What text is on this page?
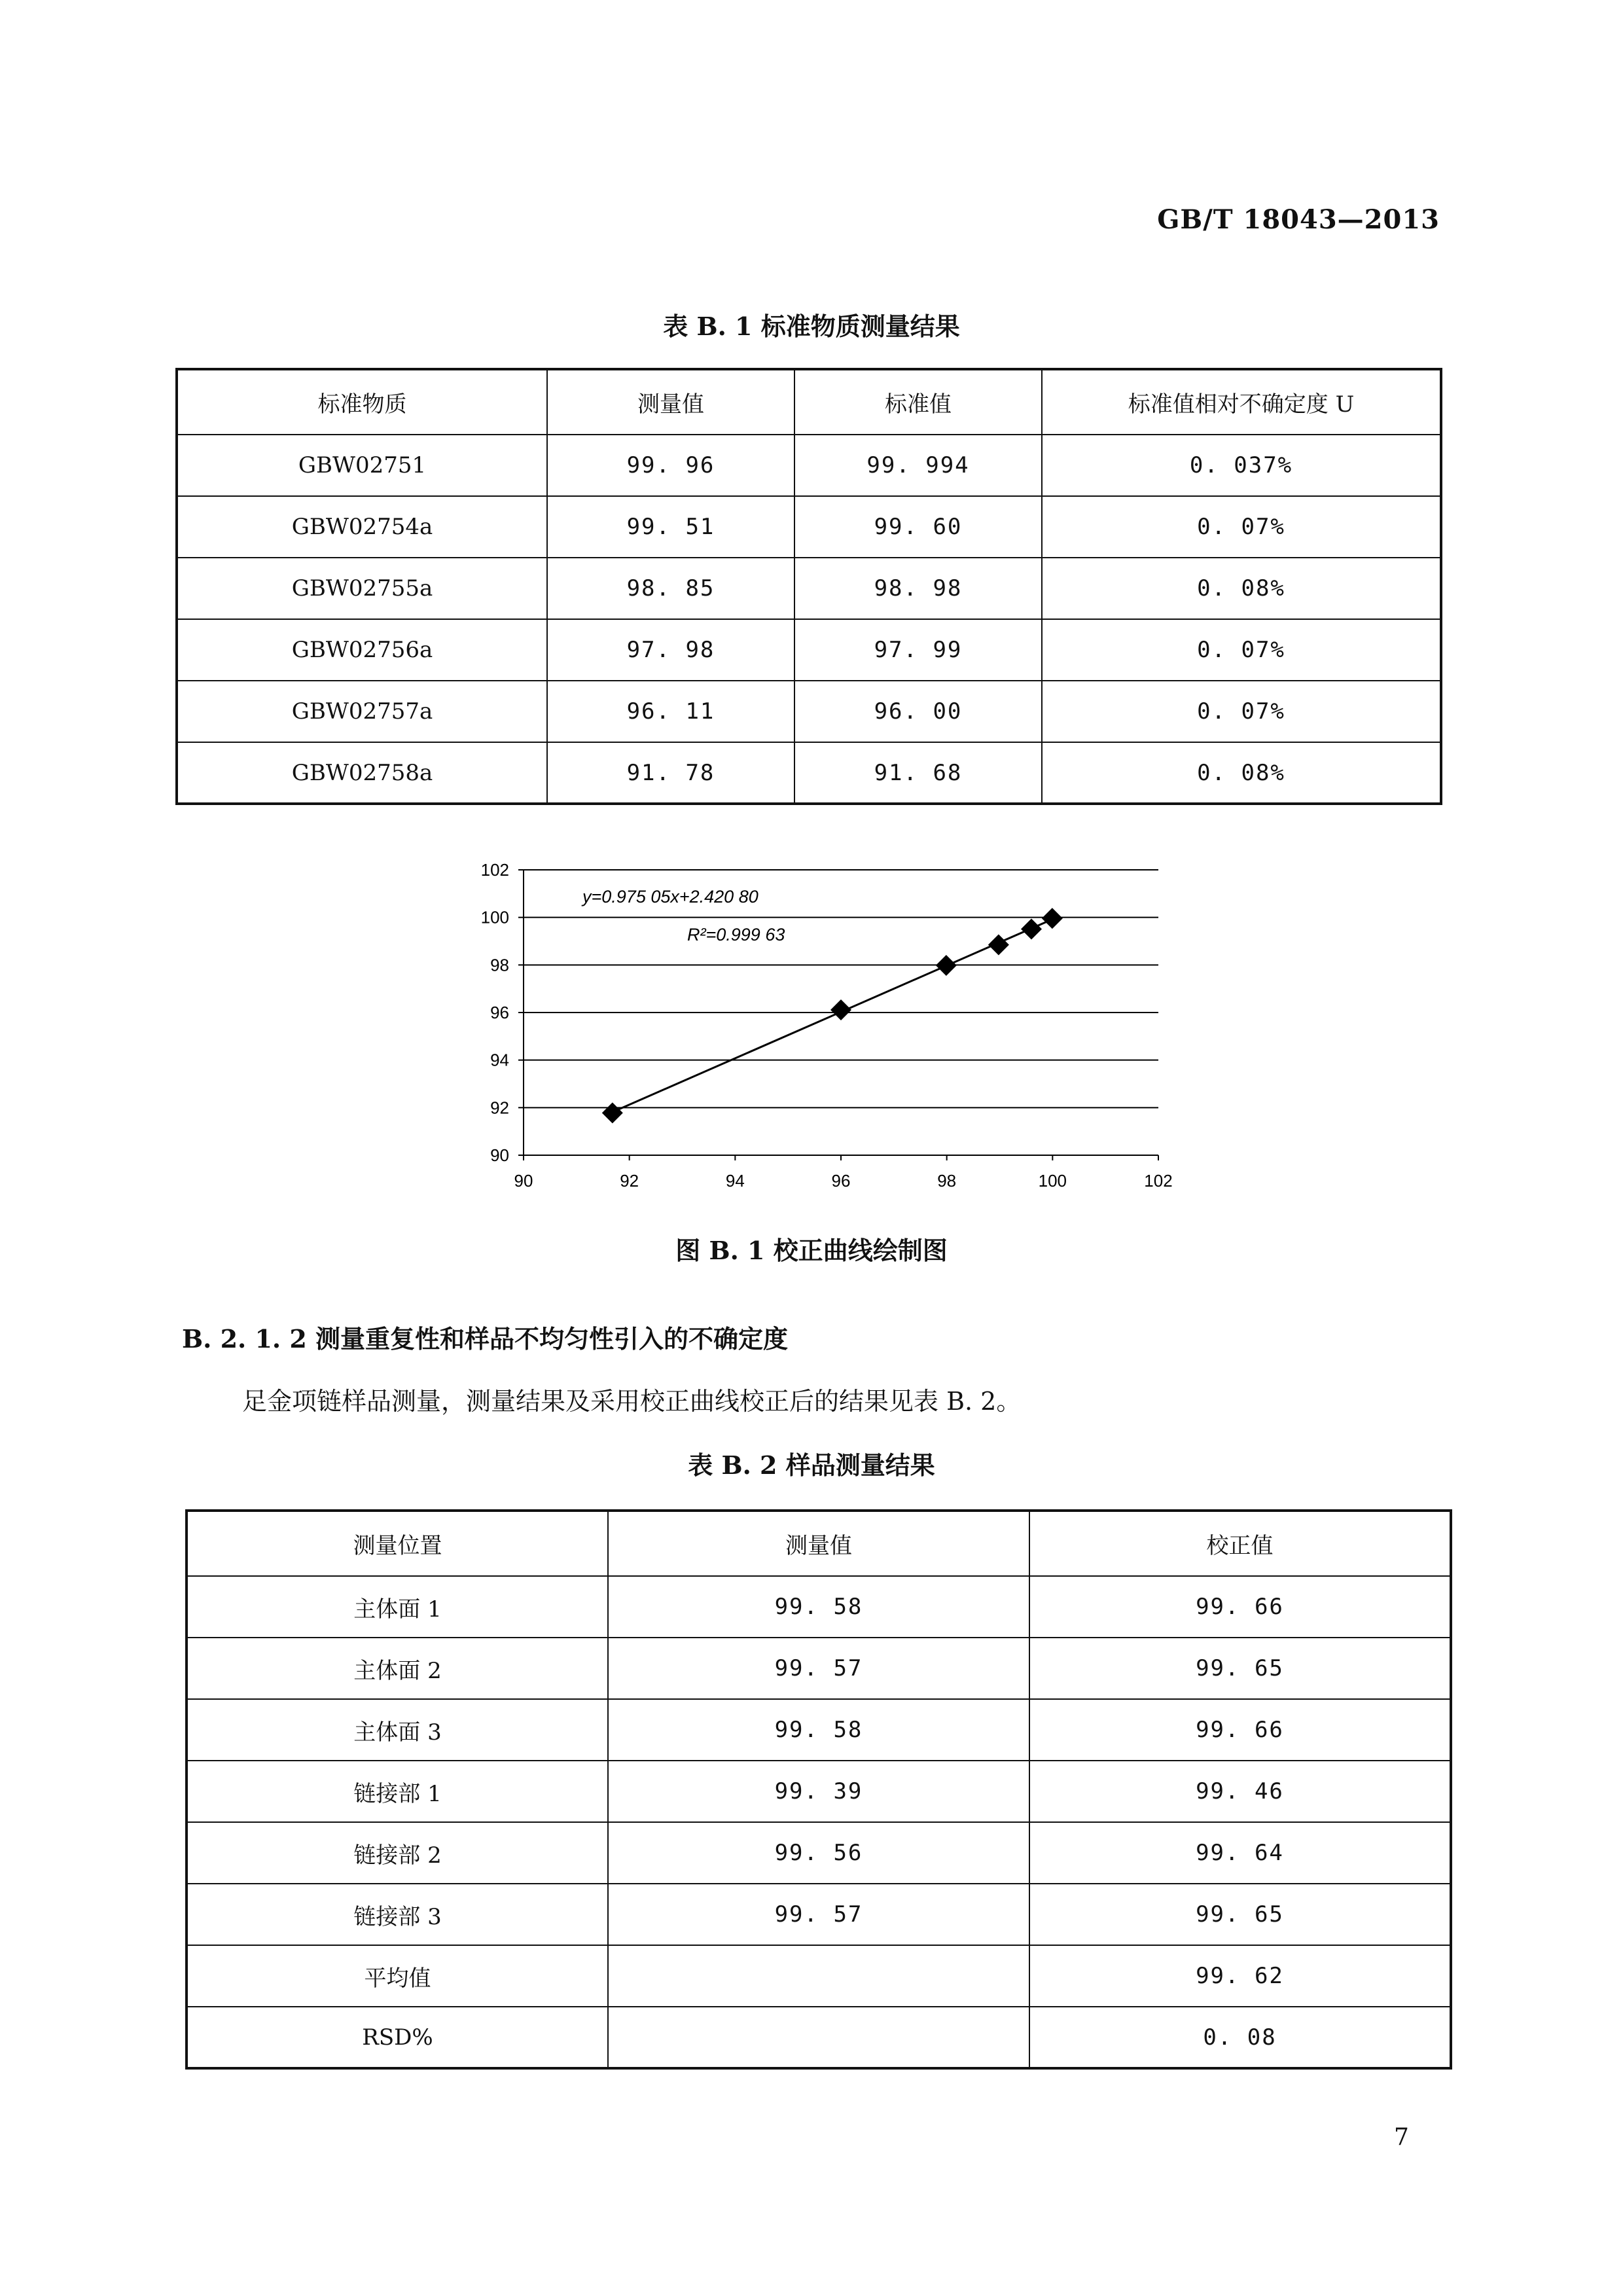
GB/T 18043—2013
表 B. 1 标准物质测量结果
标准物质	测量值	标准值	标准值相对不确定度 U
GBW02751	99. 96	99. 994	0. 037%
GBW02754a	99. 51	99. 60	0. 07%
GBW02755a	98. 85	98. 98	0. 08%
GBW02756a	97. 98	97. 99	0. 07%
GBW02757a	96. 11	96. 00	0. 07%
GBW02758a	91. 78	91. 68	0. 08%
90
92
94
96
98
100
102
90	92	94	96	98	100	102
y=0.975 05x+2.420 80
R²=0.999 63
图 B. 1 校正曲线绘制图
B. 2. 1. 2 测量重复性和样品不均匀性引入的不确定度
足金项链样品测量，测量结果及采用校正曲线校正后的结果见表 B. 2。
表 B. 2 样品测量结果
测量位置	测量值	校正值
主体面 1	99. 58	99. 66
主体面 2	99. 57	99. 65
主体面 3	99. 58	99. 66
链接部 1	99. 39	99. 46
链接部 2	99. 56	99. 64
链接部 3	99. 57	99. 65
平均值		99. 62
RSD%		0. 08
7
